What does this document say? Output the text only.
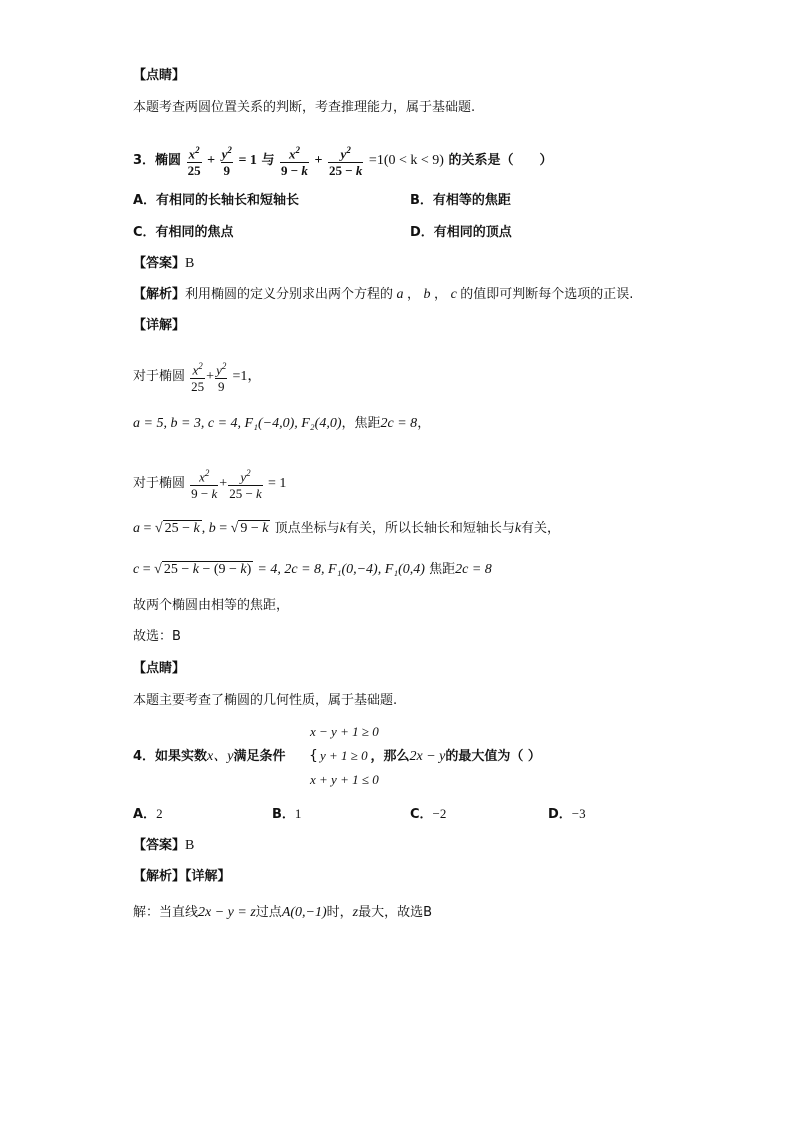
【点睛】
本题考查两圆位置关系的判断，考查推理能力，属于基础题.
3．椭圆 $\frac{x^2}{25} + \frac{y^2}{9} = 1$ 与 $\frac{x^2}{9 - k} + \frac{y^2}{25 - k} =1(0 < k < 9)$ 的关系是（　　）
A．有相同的长轴长和短轴长	B．有相等的焦距
C．有相同的焦点	D．有相同的顶点
【答案】B
【解析】利用椭圆的定义分别求出两个方程的 a ， b ， c 的值即可判断每个选项的正误.
【详解】
对于椭圆 $\frac{x^2}{25} + \frac{y^2}{9} =1$，
a = 5, b = 3, c = 4, F₁(−4,0), F₂(4,0)，焦距2c = 8，
对于椭圆 $\frac{x^2}{9 - k} + \frac{y^2}{25 - k} = 1$
a = √ 25 − k , b = √ 9 − k 顶点坐标与k有关，所以长轴长和短轴长与k有关，
c = √ 25 − k − (9 − k) = 4, 2c = 8, F₁(0,−4), F₁(0,4) 焦距2c = 8
故两个椭圆由相等的焦距，
故选：B
【点睛】
本题主要考查了椭圆的几何性质，属于基础题.
x − y + 1 ≥ 0
y + 1 ≥ 0
{
x + y + 1 ≤ 0
4．如果实数x、y满足条件	，那么2x − y的最大值为（ ）
A．2	B．1	C．−2	D．−3
【答案】B
【解析】【详解】
解：当直线2x − y = z过点A(0,−1)时，z最大，故选B
